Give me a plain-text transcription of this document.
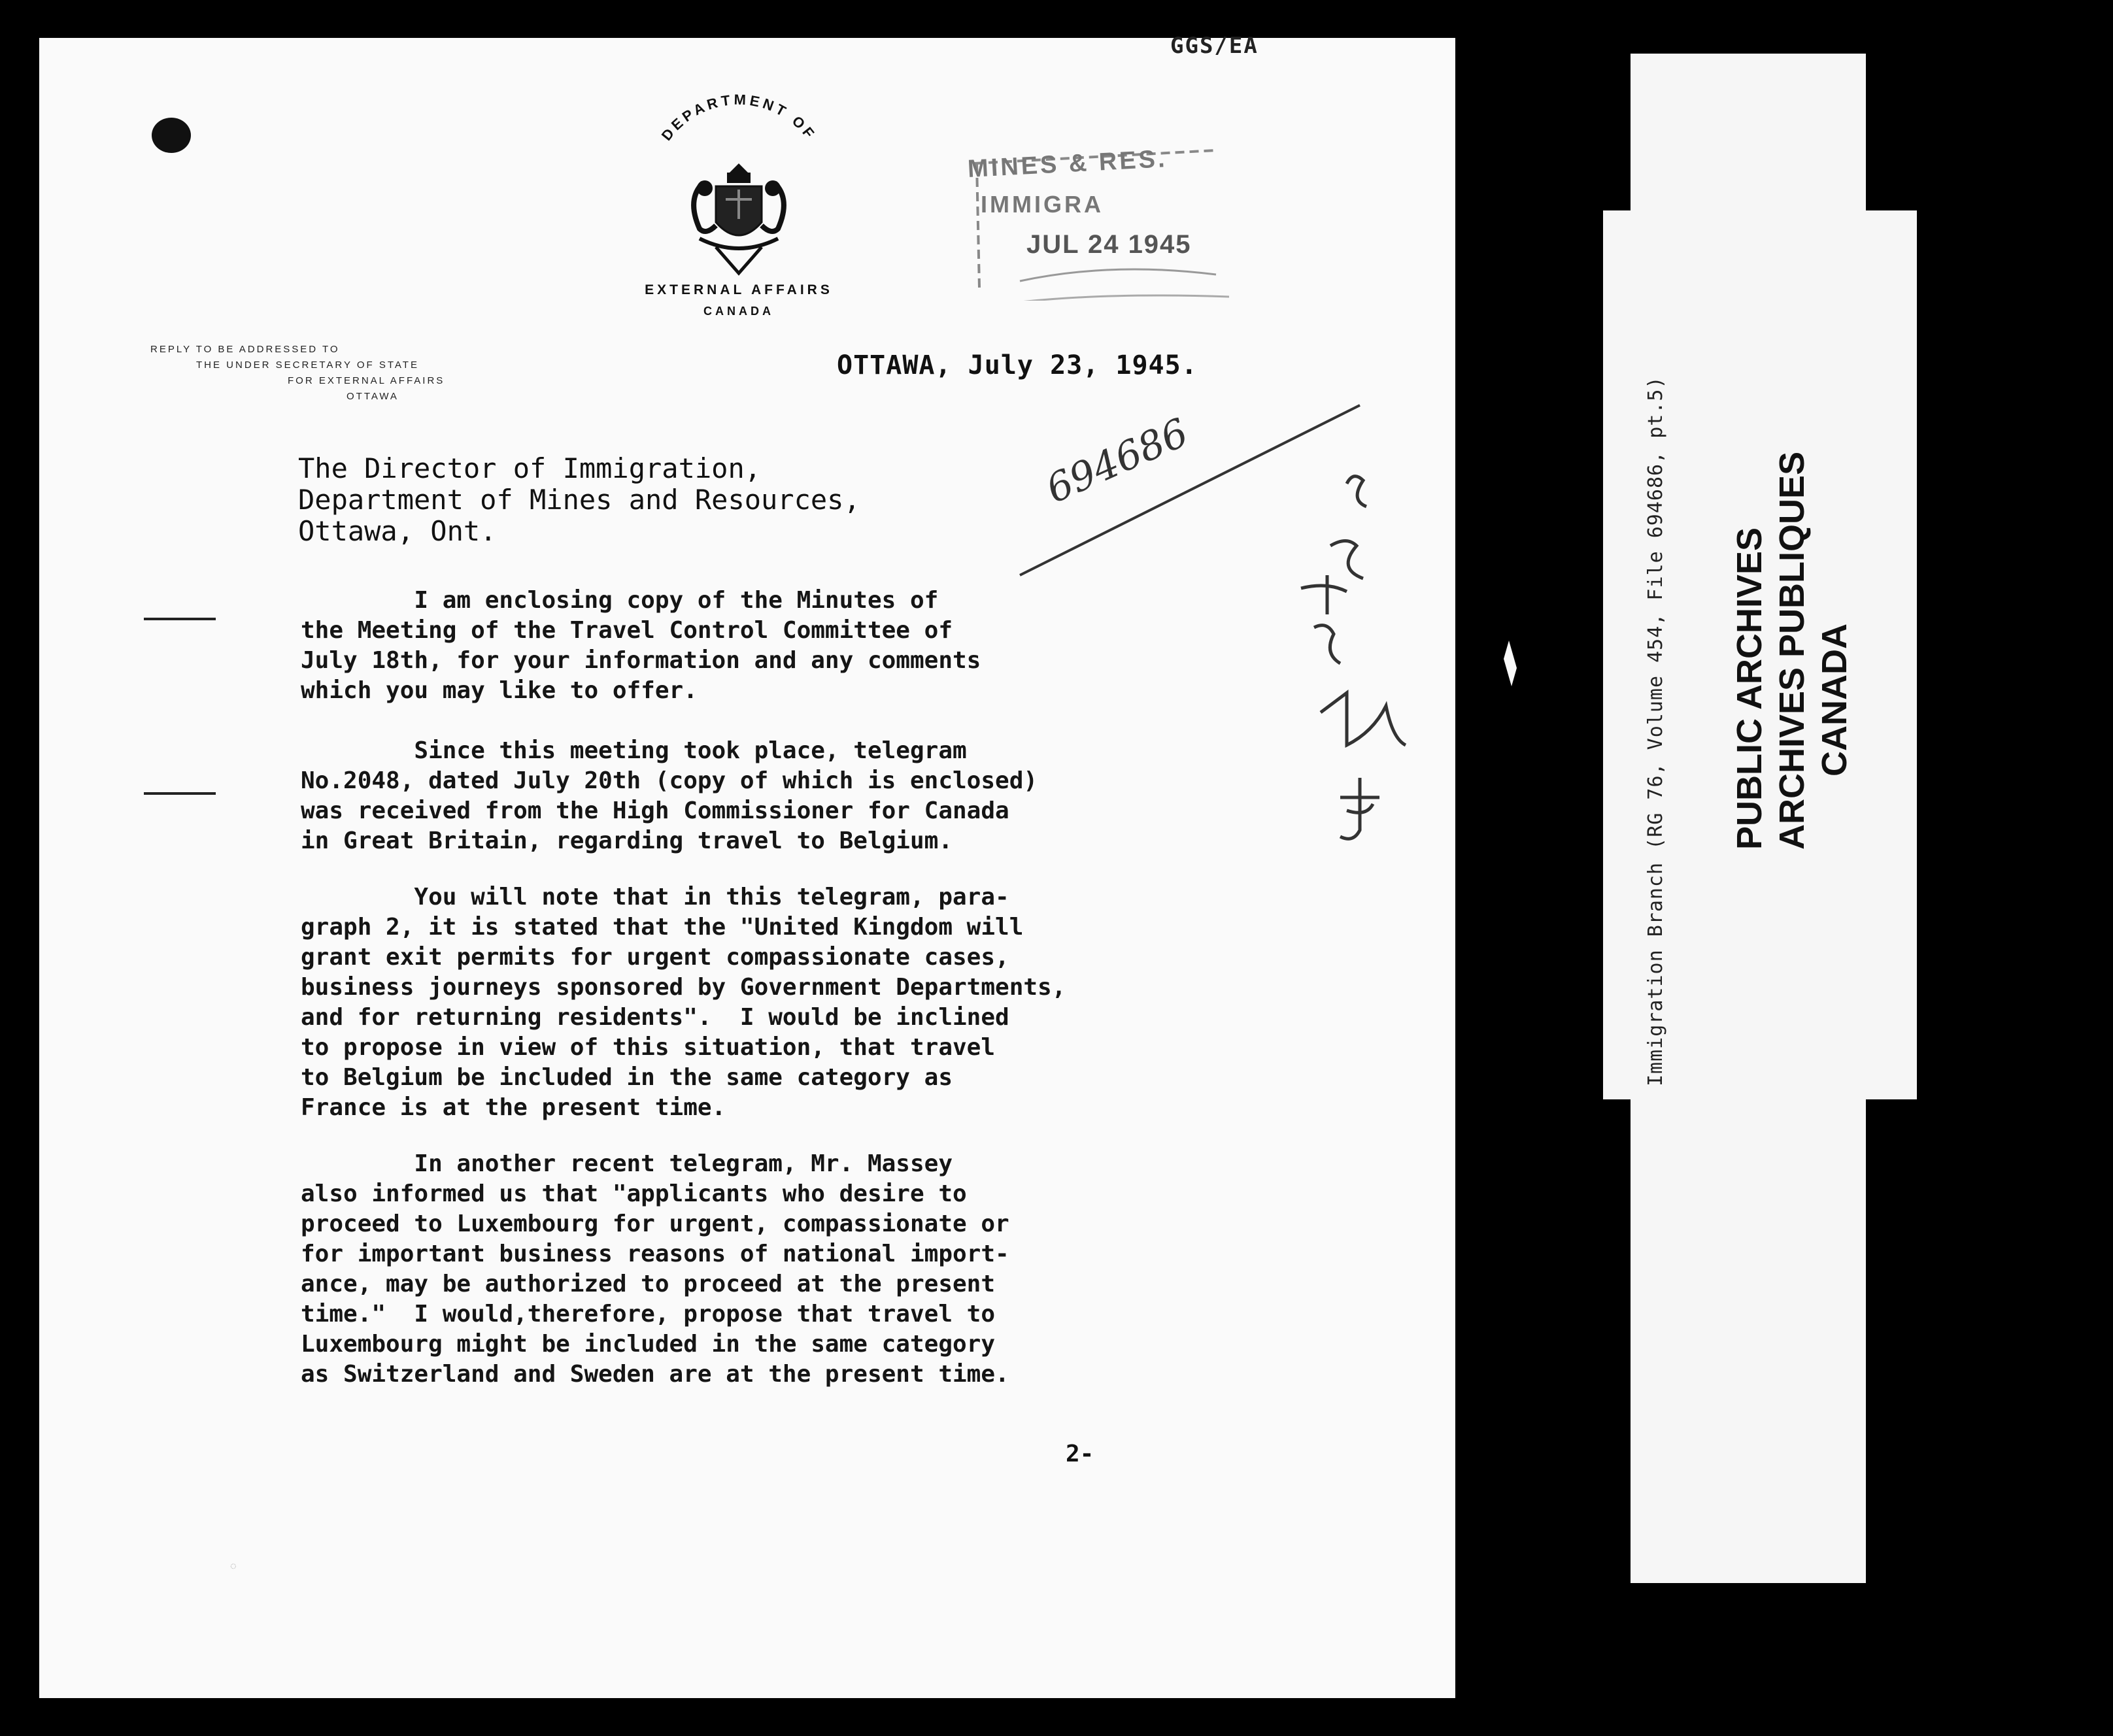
GGS/EA
DEPARTMENT OF
EXTERNAL AFFAIRS
CANADA
REPLY TO BE ADDRESSED TO
THE UNDER SECRETARY OF STATE
FOR EXTERNAL AFFAIRS
OTTAWA
MINES & RES.
IMMIGRA
JUL 24 1945
OTTAWA, July 23, 1945.
The Director of Immigration,
Department of Mines and Resources,
Ottawa, Ont.
I am enclosing copy of the Minutes of
the Meeting of the Travel Control Committee of
July 18th, for your information and any comments
which you may like to offer.
Since this meeting took place, telegram
No.2048, dated July 20th (copy of which is enclosed)
was received from the High Commissioner for Canada
in Great Britain, regarding travel to Belgium.
You will note that in this telegram, para-
graph 2, it is stated that the "United Kingdom will
grant exit permits for urgent compassionate cases,
business journeys sponsored by Government Departments,
and for returning residents".  I would be inclined
to propose in view of this situation, that travel
to Belgium be included in the same category as
France is at the present time.
In another recent telegram, Mr. Massey
also informed us that "applicants who desire to
proceed to Luxembourg for urgent, compassionate or
for important business reasons of national import-
ance, may be authorized to proceed at the present
time."  I would,therefore, propose that travel to
Luxembourg might be included in the same category
as Switzerland and Sweden are at the present time.
2-
◌
694686	Immigration Branch (RG 76, Volume 454, File 694686, pt.5) PUBLIC ARCHIVES ARCHIVES PUBLIQUES CANADA
